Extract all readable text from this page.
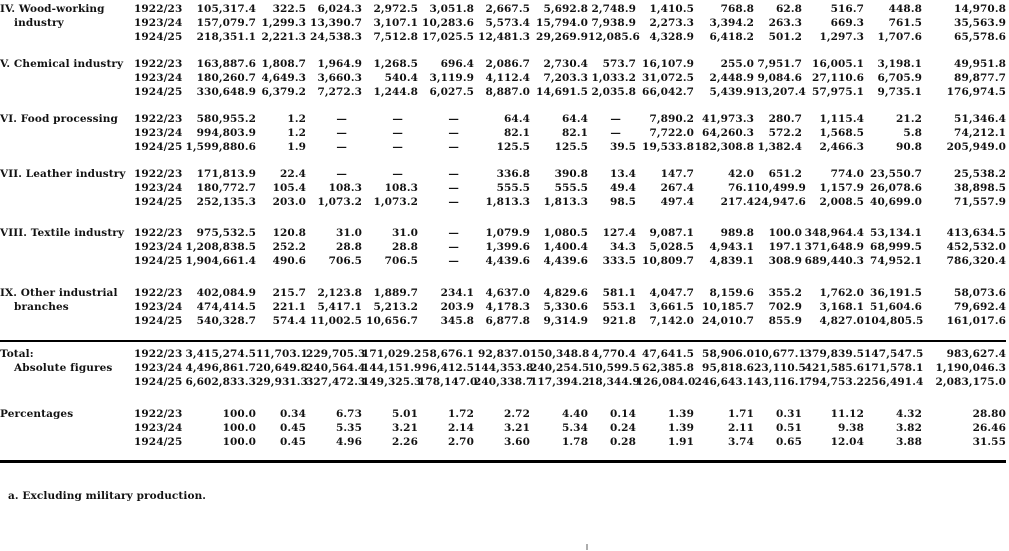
IV. Wood-working	1922/23	105,317.4	322.5	6,024.3	2,972.5	3,051.8	2,667.5	5,692.8	2,748.9	1,410.5	768.8	62.8	516.7	448.8	14,970.8
industry	1923/24	157,079.7	1,299.3	13,390.7	3,107.1	10,283.6	5,573.4	15,794.0	7,938.9	2,273.3	3,394.2	263.3	669.3	761.5	35,563.9
	1924/25	218,351.1	2,221.3	24,538.3	7,512.8	17,025.5	12,481.3	29,269.9	12,085.6	4,328.9	6,418.2	501.2	1,297.3	1,707.6	65,578.6
V. Chemical industry	1922/23	163,887.6	1,808.7	1,964.9	1,268.5	696.4	2,086.7	2,730.4	573.7	16,107.9	255.0	7,951.7	16,005.1	3,198.1	49,951.8
	1923/24	180,260.7	4,649.3	3,660.3	540.4	3,119.9	4,112.4	7,203.3	1,033.2	31,072.5	2,448.9	9,084.6	27,110.6	6,705.9	89,877.7
	1924/25	330,648.9	6,379.2	7,272.3	1,244.8	6,027.5	8,887.0	14,691.5	2,035.8	66,042.7	5,439.9	13,207.4	57,975.1	9,735.1	176,974.5
VI. Food processing	1922/23	580,955.2	1.2	—	—	—	64.4	64.4	—	7,890.2	41,973.3	280.7	1,115.4	21.2	51,346.4
	1923/24	994,803.9	1.2	—	—	—	82.1	82.1	—	7,722.0	64,260.3	572.2	1,568.5	5.8	74,212.1
	1924/25	1,599,880.6	1.9	—	—	—	125.5	125.5	39.5	19,533.8	182,308.8	1,382.4	2,466.3	90.8	205,949.0
VII. Leather industry	1922/23	171,813.9	22.4	—	—	—	336.8	390.8	13.4	147.7	42.0	651.2	774.0	23,550.7	25,538.2
	1923/24	180,772.7	105.4	108.3	108.3	—	555.5	555.5	49.4	267.4	76.1	10,499.9	1,157.9	26,078.6	38,898.5
	1924/25	252,135.3	203.0	1,073.2	1,073.2	—	1,813.3	1,813.3	98.5	497.4	217.4	24,947.6	2,008.5	40,699.0	71,557.9
VIII. Textile industry	1922/23	975,532.5	120.8	31.0	31.0	—	1,079.9	1,080.5	127.4	9,087.1	989.8	100.0	348,964.4	53,134.1	413,634.5
	1923/24	1,208,838.5	252.2	28.8	28.8	—	1,399.6	1,400.4	34.3	5,028.5	4,943.1	197.1	371,648.9	68,999.5	452,532.0
	1924/25	1,904,661.4	490.6	706.5	706.5	—	4,439.6	4,439.6	333.5	10,809.7	4,839.1	308.9	689,440.3	74,952.1	786,320.4
IX. Other industrial	1922/23	402,084.9	215.7	2,123.8	1,889.7	234.1	4,637.0	4,829.6	581.1	4,047.7	8,159.6	355.2	1,762.0	36,191.5	58,073.6
branches	1923/24	474,414.5	221.1	5,417.1	5,213.2	203.9	4,178.3	5,330.6	553.1	3,661.5	10,185.7	702.9	3,168.1	51,604.6	79,692.4
	1924/25	540,328.7	574.4	11,002.5	10,656.7	345.8	6,877.8	9,314.9	921.8	7,142.0	24,010.7	855.9	4,827.0	104,805.5	161,017.6

Total:	1922/23	3,415,274.5	11,703.1	229,705.3	171,029.2	58,676.1	92,837.0	150,348.8	4,770.4	47,641.5	58,906.0	10,677.1	379,839.5	147,547.5	983,627.4
Absolute figures	1923/24	4,496,861.7	20,649.8	240,564.4	144,151.9	96,412.5	144,353.8	240,254.5	10,599.5	62,385.8	95,818.6	23,110.5	421,585.6	171,578.1	1,190,046.3
	1924/25	6,602,833.3	29,931.3	327,472.3	149,325.3	178,147.0	240,338.7	117,394.2	18,344.9	126,084.0	246,643.1	43,116.1	794,753.2	256,491.4	2,083,175.0
Percentages	1922/23	100.0	0.34	6.73	5.01	1.72	2.72	4.40	0.14	1.39	1.71	0.31	11.12	4.32	28.80
	1923/24	100.0	0.45	5.35	3.21	2.14	3.21	5.34	0.24	1.39	2.11	0.51	9.38	3.82	26.46
	1924/25	100.0	0.45	4.96	2.26	2.70	3.60	1.78	0.28	1.91	3.74	0.65	12.04	3.88	31.55

a. Excluding military production.
